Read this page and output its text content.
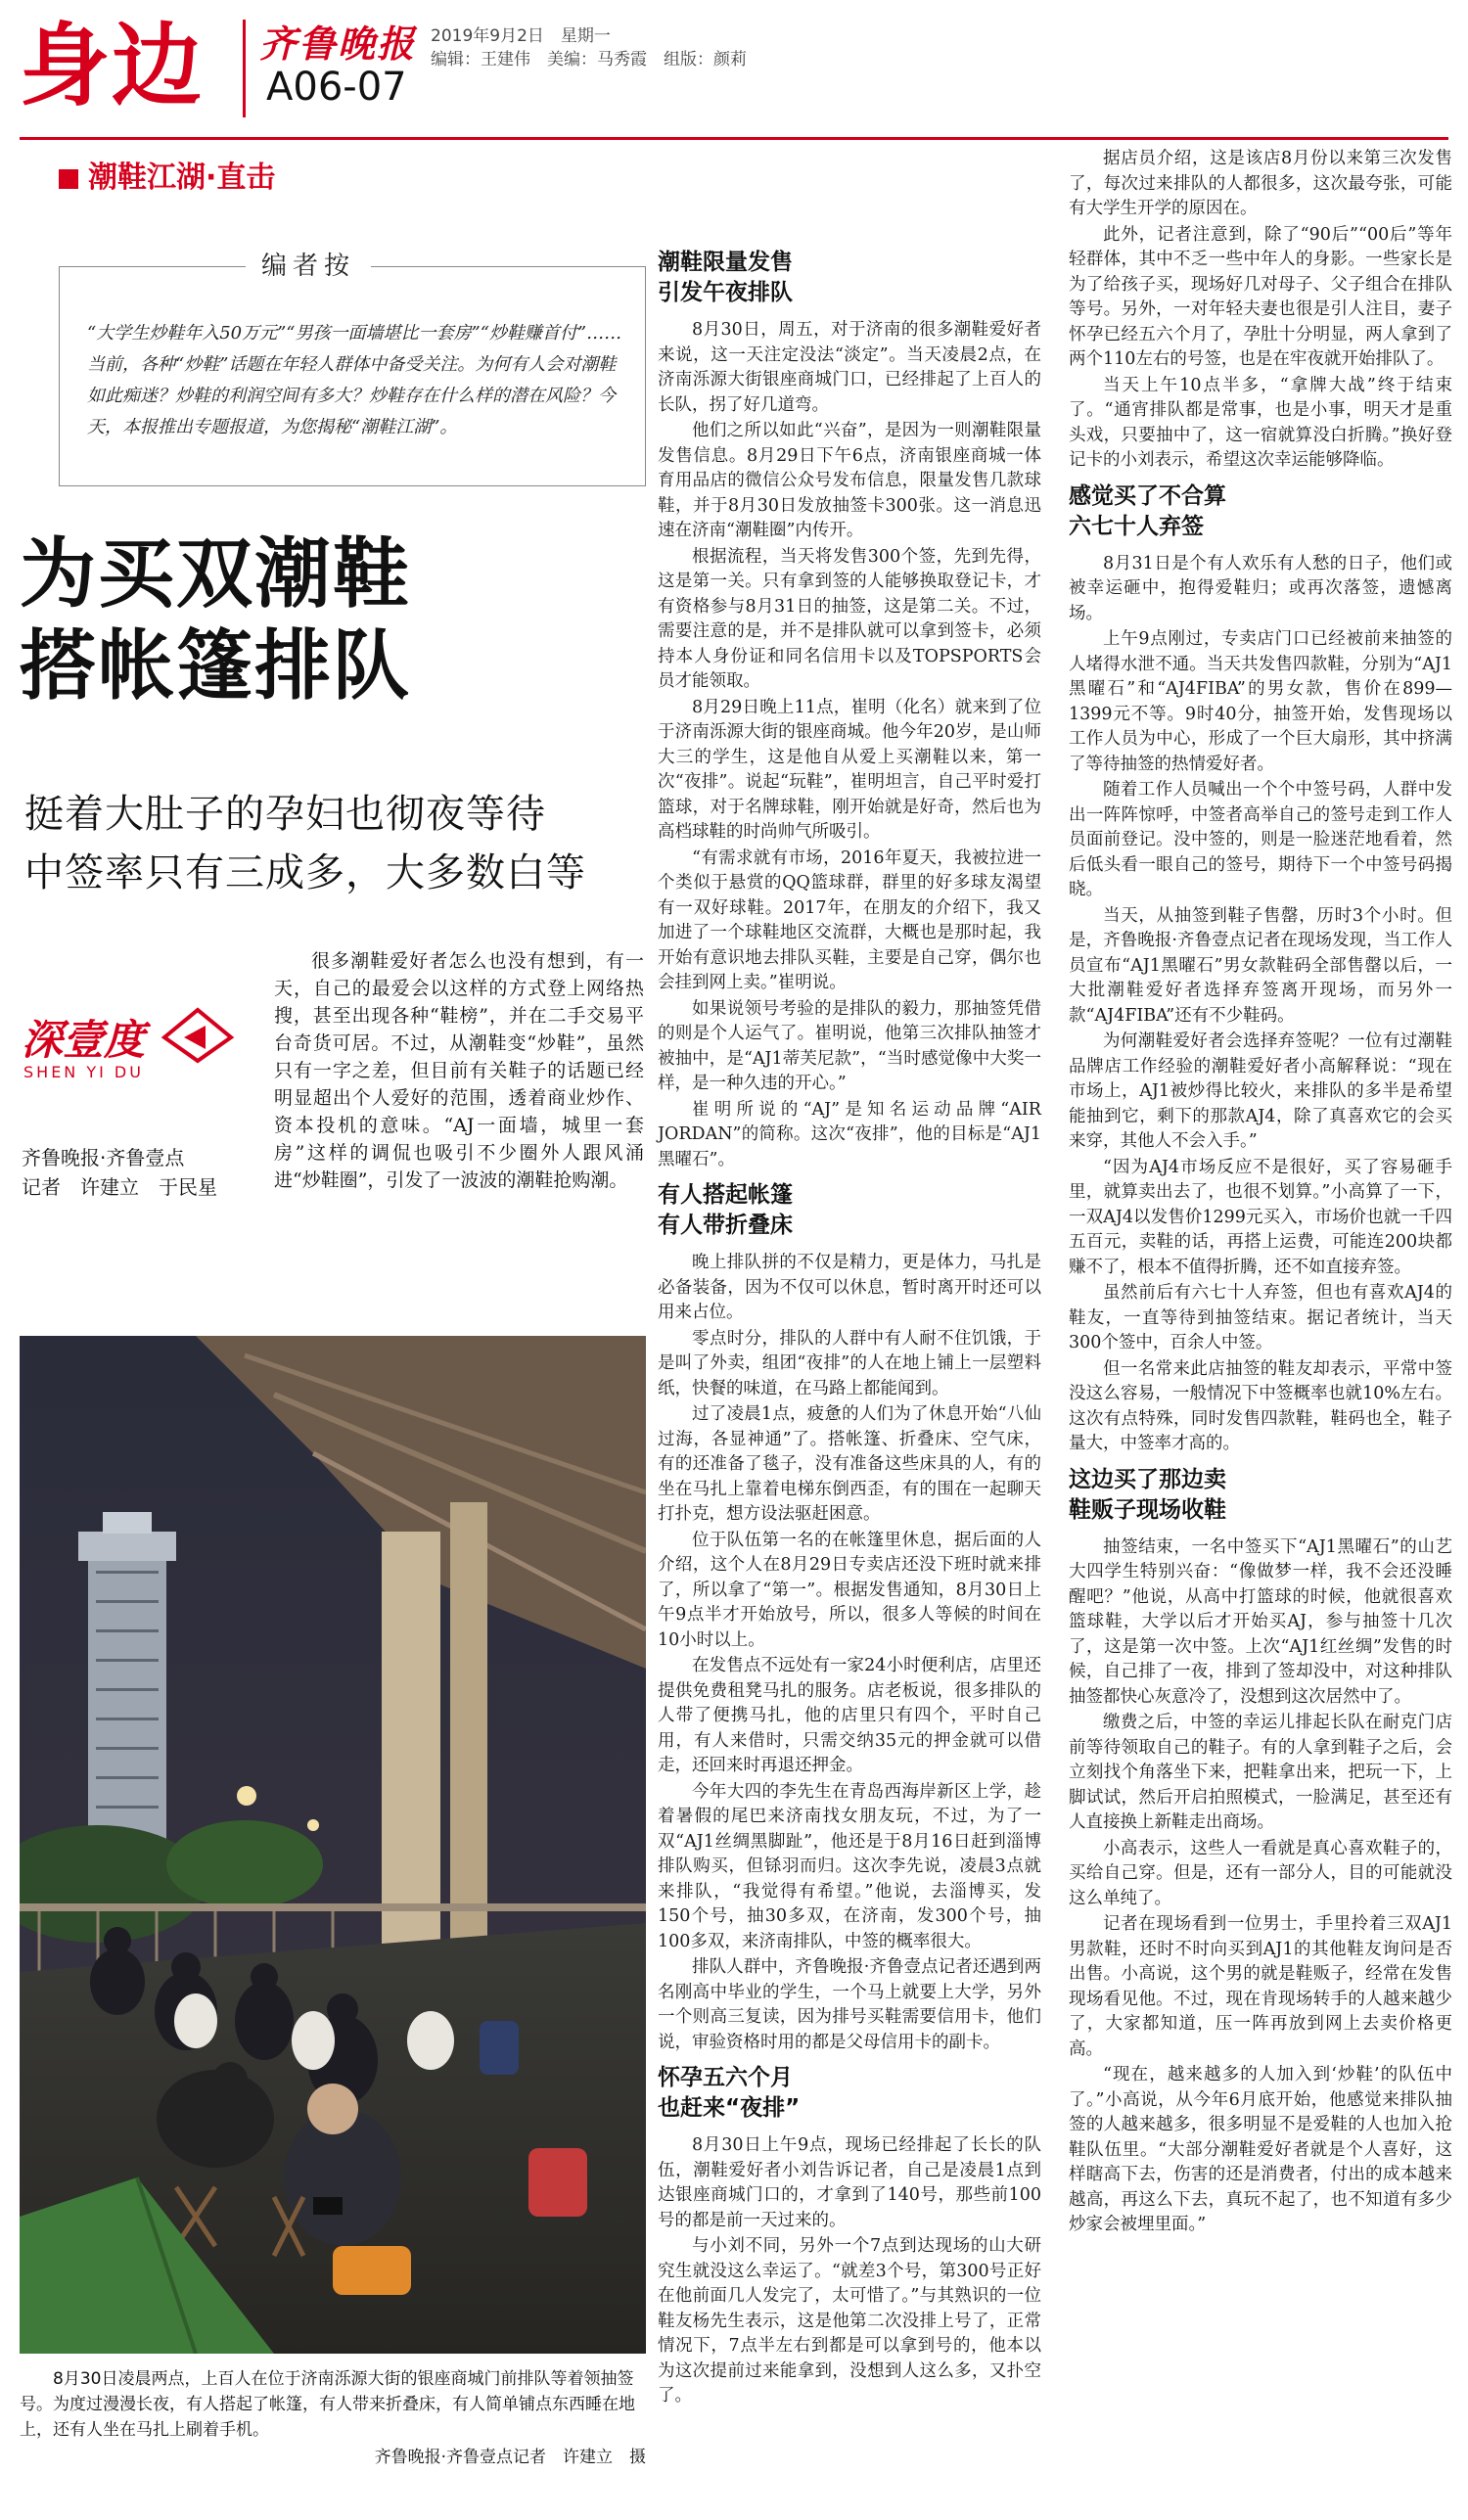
身边 齐鲁晚报
A06-07
2019年9月2日　星期一
编辑：王建伟　美编：马秀霞　组版：颜莉
潮鞋江湖·直击
编者按
“大学生炒鞋年入50万元”“男孩一面墙堪比一套房”“炒鞋赚首付”……当前，各种“炒鞋”话题在年轻人群体中备受关注。为何有人会对潮鞋如此痴迷？炒鞋的利润空间有多大？炒鞋存在什么样的潜在风险？今天，本报推出专题报道，为您揭秘“潮鞋江湖”。
为买双潮鞋
搭帐篷排队
挺着大肚子的孕妇也彻夜等待
中签率只有三成多，大多数白等
深壹度
SHEN YI DU
齐鲁晚报·齐鲁壹点
记者　许建立　于民星
很多潮鞋爱好者怎么也没有想到，有一天，自己的最爱会以这样的方式登上网络热搜，甚至出现各种“鞋榜”，并在二手交易平台奇货可居。不过，从潮鞋变“炒鞋”，虽然只有一字之差，但目前有关鞋子的话题已经明显超出个人爱好的范围，透着商业炒作、资本投机的意味。“AJ一面墙，城里一套房”这样的调侃也吸引不少圈外人跟风涌进“炒鞋圈”，引发了一波波的潮鞋抢购潮。
8月30日凌晨两点，上百人在位于济南泺源大街的银座商城门前排队等着领抽签号。为度过漫漫长夜，有人搭起了帐篷，有人带来折叠床，有人简单铺点东西睡在地上，还有人坐在马扎上刷着手机。
齐鲁晚报·齐鲁壹点记者　许建立　摄
潮鞋限量发售
引发午夜排队

8月30日，周五，对于济南的很多潮鞋爱好者来说，这一天注定没法“淡定”。当天凌晨2点，在济南泺源大街银座商城门口，已经排起了上百人的长队，拐了好几道弯。

他们之所以如此“兴奋”，是因为一则潮鞋限量发售信息。8月29日下午6点，济南银座商城一体育用品店的微信公众号发布信息，限量发售几款球鞋，并于8月30日发放抽签卡300张。这一消息迅速在济南“潮鞋圈”内传开。

根据流程，当天将发售300个签，先到先得，这是第一关。只有拿到签的人能够换取登记卡，才有资格参与8月31日的抽签，这是第二关。不过，需要注意的是，并不是排队就可以拿到签卡，必须持本人身份证和同名信用卡以及TOPSPORTS会员才能领取。

8月29日晚上11点，崔明（化名）就来到了位于济南泺源大街的银座商城。他今年20岁，是山师大三的学生，这是他自从爱上买潮鞋以来，第一次“夜排”。说起“玩鞋”，崔明坦言，自己平时爱打篮球，对于名牌球鞋，刚开始就是好奇，然后也为高档球鞋的时尚帅气所吸引。

“有需求就有市场，2016年夏天，我被拉进一个类似于悬赏的QQ篮球群，群里的好多球友渴望有一双好球鞋。2017年，在朋友的介绍下，我又加进了一个球鞋地区交流群，大概也是那时起，我开始有意识地去排队买鞋，主要是自己穿，偶尔也会挂到网上卖。”崔明说。

如果说领号考验的是排队的毅力，那抽签凭借的则是个人运气了。崔明说，他第三次排队抽签才被抽中，是“AJ1蒂芙尼款”，“当时感觉像中大奖一样，是一种久违的开心。”

崔明所说的“AJ”是知名运动品牌“AIR JORDAN”的简称。这次“夜排”，他的目标是“AJ1黑曜石”。

有人搭起帐篷
有人带折叠床

晚上排队拼的不仅是精力，更是体力，马扎是必备装备，因为不仅可以休息，暂时离开时还可以用来占位。

零点时分，排队的人群中有人耐不住饥饿，于是叫了外卖，组团“夜排”的人在地上铺上一层塑料纸，快餐的味道，在马路上都能闻到。

过了凌晨1点，疲惫的人们为了休息开始“八仙过海，各显神通”了。搭帐篷、折叠床、空气床，有的还准备了毯子，没有准备这些床具的人，有的坐在马扎上靠着电梯东倒西歪，有的围在一起聊天打扑克，想方设法驱赶困意。

位于队伍第一名的在帐篷里休息，据后面的人介绍，这个人在8月29日专卖店还没下班时就来排了，所以拿了“第一”。根据发售通知，8月30日上午9点半才开始放号，所以，很多人等候的时间在10小时以上。

在发售点不远处有一家24小时便利店，店里还提供免费租凳马扎的服务。店老板说，很多排队的人带了便携马扎，他的店里只有四个，平时自己用，有人来借时，只需交纳35元的押金就可以借走，还回来时再退还押金。

今年大四的李先生在青岛西海岸新区上学，趁着暑假的尾巴来济南找女朋友玩，不过，为了一双“AJ1丝绸黑脚趾”，他还是于8月16日赶到淄博排队购买，但铩羽而归。这次李先说，凌晨3点就来排队，“我觉得有希望。”他说，去淄博买，发150个号，抽30多双，在济南，发300个号，抽100多双，来济南排队，中签的概率很大。

排队人群中，齐鲁晚报·齐鲁壹点记者还遇到两名刚高中毕业的学生，一个马上就要上大学，另外一个则高三复读，因为排号买鞋需要信用卡，他们说，审验资格时用的都是父母信用卡的副卡。

怀孕五六个月
也赶来“夜排”

8月30日上午9点，现场已经排起了长长的队伍，潮鞋爱好者小刘告诉记者，自己是凌晨1点到达银座商城门口的，才拿到了140号，那些前100号的都是前一天过来的。

与小刘不同，另外一个7点到达现场的山大研究生就没这么幸运了。“就差3个号，第300号正好在他前面几人发完了，太可惜了。”与其熟识的一位鞋友杨先生表示，这是他第二次没排上号了，正常情况下，7点半左右到都是可以拿到号的，他本以为这次提前过来能拿到，没想到人这么多，又扑空了。

据店员介绍，这是该店8月份以来第三次发售了，每次过来排队的人都很多，这次最夸张，可能有大学生开学的原因在。

此外，记者注意到，除了“90后”“00后”等年轻群体，其中不乏一些中年人的身影。一些家长是为了给孩子买，现场好几对母子、父子组合在排队等号。另外，一对年轻夫妻也很是引人注目，妻子怀孕已经五六个月了，孕肚十分明显，两人拿到了两个110左右的号签，也是在牢夜就开始排队了。

当天上午10点半多，“拿牌大战”终于结束了。“通宵排队都是常事，也是小事，明天才是重头戏，只要抽中了，这一宿就算没白折腾。”换好登记卡的小刘表示，希望这次幸运能够降临。

感觉买了不合算
六七十人弃签

8月31日是个有人欢乐有人愁的日子，他们或被幸运砸中，抱得爱鞋归；或再次落签，遗憾离场。

上午9点刚过，专卖店门口已经被前来抽签的人堵得水泄不通。当天共发售四款鞋，分别为“AJ1黑曜石”和“AJ4FIBA”的男女款，售价在899—1399元不等。9时40分，抽签开始，发售现场以工作人员为中心，形成了一个巨大扇形，其中挤满了等待抽签的热情爱好者。

随着工作人员喊出一个个中签号码，人群中发出一阵阵惊呼，中签者高举自己的签号走到工作人员面前登记。没中签的，则是一脸迷茫地看着，然后低头看一眼自己的签号，期待下一个中签号码揭晓。

当天，从抽签到鞋子售罄，历时3个小时。但是，齐鲁晚报·齐鲁壹点记者在现场发现，当工作人员宣布“AJ1黑曜石”男女款鞋码全部售罄以后，一大批潮鞋爱好者选择弃签离开现场，而另外一款“AJ4FIBA”还有不少鞋码。

为何潮鞋爱好者会选择弃签呢？一位有过潮鞋品牌店工作经验的潮鞋爱好者小高解释说：“现在市场上，AJ1被炒得比较火，来排队的多半是希望能抽到它，剩下的那款AJ4，除了真喜欢它的会买来穿，其他人不会入手。”

“因为AJ4市场反应不是很好，买了容易砸手里，就算卖出去了，也很不划算。”小高算了一下，一双AJ4以发售价1299元买入，市场价也就一千四五百元，卖鞋的话，再搭上运费，可能连200块都赚不了，根本不值得折腾，还不如直接弃签。

虽然前后有六七十人弃签，但也有喜欢AJ4的鞋友，一直等待到抽签结束。据记者统计，当天300个签中，百余人中签。

但一名常来此店抽签的鞋友却表示，平常中签没这么容易，一般情况下中签概率也就10%左右。这次有点特殊，同时发售四款鞋，鞋码也全，鞋子量大，中签率才高的。

这边买了那边卖
鞋贩子现场收鞋

抽签结束，一名中签买下“AJ1黑曜石”的山艺大四学生特别兴奋：“像做梦一样，我不会还没睡醒吧？”他说，从高中打篮球的时候，他就很喜欢篮球鞋，大学以后才开始买AJ，参与抽签十几次了，这是第一次中签。上次“AJ1红丝绸”发售的时候，自己排了一夜，排到了签却没中，对这种排队抽签都快心灰意冷了，没想到这次居然中了。

缴费之后，中签的幸运儿排起长队在耐克门店前等待领取自己的鞋子。有的人拿到鞋子之后，会立刻找个角落坐下来，把鞋拿出来，把玩一下，上脚试试，然后开启拍照模式，一脸满足，甚至还有人直接换上新鞋走出商场。

小高表示，这些人一看就是真心喜欢鞋子的，买给自己穿。但是，还有一部分人，目的可能就没这么单纯了。

记者在现场看到一位男士，手里拎着三双AJ1男款鞋，还时不时向买到AJ1的其他鞋友询问是否出售。小高说，这个男的就是鞋贩子，经常在发售现场看见他。不过，现在肯现场转手的人越来越少了，大家都知道，压一阵再放到网上去卖价格更高。

“现在，越来越多的人加入到‘炒鞋’的队伍中了。”小高说，从今年6月底开始，他感觉来排队抽签的人越来越多，很多明显不是爱鞋的人也加入抢鞋队伍里。“大部分潮鞋爱好者就是个人喜好，这样瞎高下去，伤害的还是消费者，付出的成本越来越高，再这么下去，真玩不起了，也不知道有多少炒家会被埋里面。”
